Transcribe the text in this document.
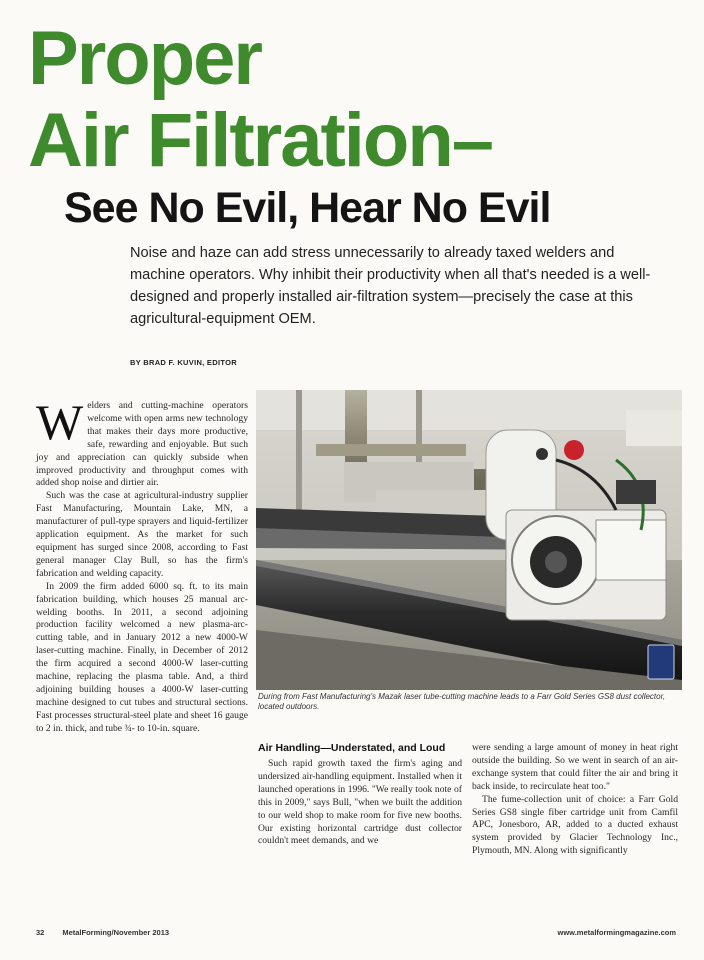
Proper
Air Filtration–
See No Evil, Hear No Evil
Noise and haze can add stress unnecessarily to already taxed welders and machine operators. Why inhibit their productivity when all that's needed is a well-designed and properly installed air-filtration system—precisely the case at this agricultural-equipment OEM.
BY BRAD F. KUVIN, EDITOR

Welders and cutting-machine operators welcome with open arms new technology that makes their days more productive, safe, rewarding and enjoyable. But such joy and appreciation can quickly subside when improved productivity and throughput comes with added shop noise and dirtier air.

Such was the case at agricultural-industry supplier Fast Manufacturing, Mountain Lake, MN, a manufacturer of pull-type sprayers and liquid-fertilizer application equipment. As the market for such equipment has surged since 2008, according to Fast general manager Clay Bull, so has the firm's fabrication and welding capacity.

In 2009 the firm added 6000 sq. ft. to its main fabrication building, which houses 25 manual arc-welding booths. In 2011, a second adjoining production facility welcomed a new plasma-arc-cutting table, and in January 2012 a new 4000-W laser-cutting machine. Finally, in December of 2012 the firm acquired a second 4000-W laser-cutting machine, replacing the plasma table. And, a third adjoining building houses a 4000-W laser-cutting machine designed to cut tubes and structural sections. Fast processes structural-steel plate and sheet 16 gauge to 2 in. thick, and tube ¾- to 10-in. square.

During from Fast Manufacturing's Mazak laser tube-cutting machine leads to a Farr Gold Series GS8 dust collector, located outdoors.
Air Handling—Understated, and Loud

Such rapid growth taxed the firm's aging and undersized air-handling equipment. Installed when it launched operations in 1996. "We really took note of this in 2009," says Bull, "when we built the addition to our weld shop to make room for five new booths. Our existing horizontal cartridge dust collector couldn't meet demands, and we

were sending a large amount of money in heat right outside the building. So we went in search of an air-exchange system that could filter the air and bring it back inside, to recirculate heat too."

The fume-collection unit of choice: a Farr Gold Series GS8 single fiber cartridge unit from Camfil APC, Jonesboro, AR, added to a ducted exhaust system provided by Glacier Technology Inc., Plymouth, MN. Along with significantly

32 MetalForming/November 2013	www.metalformingmagazine.com
